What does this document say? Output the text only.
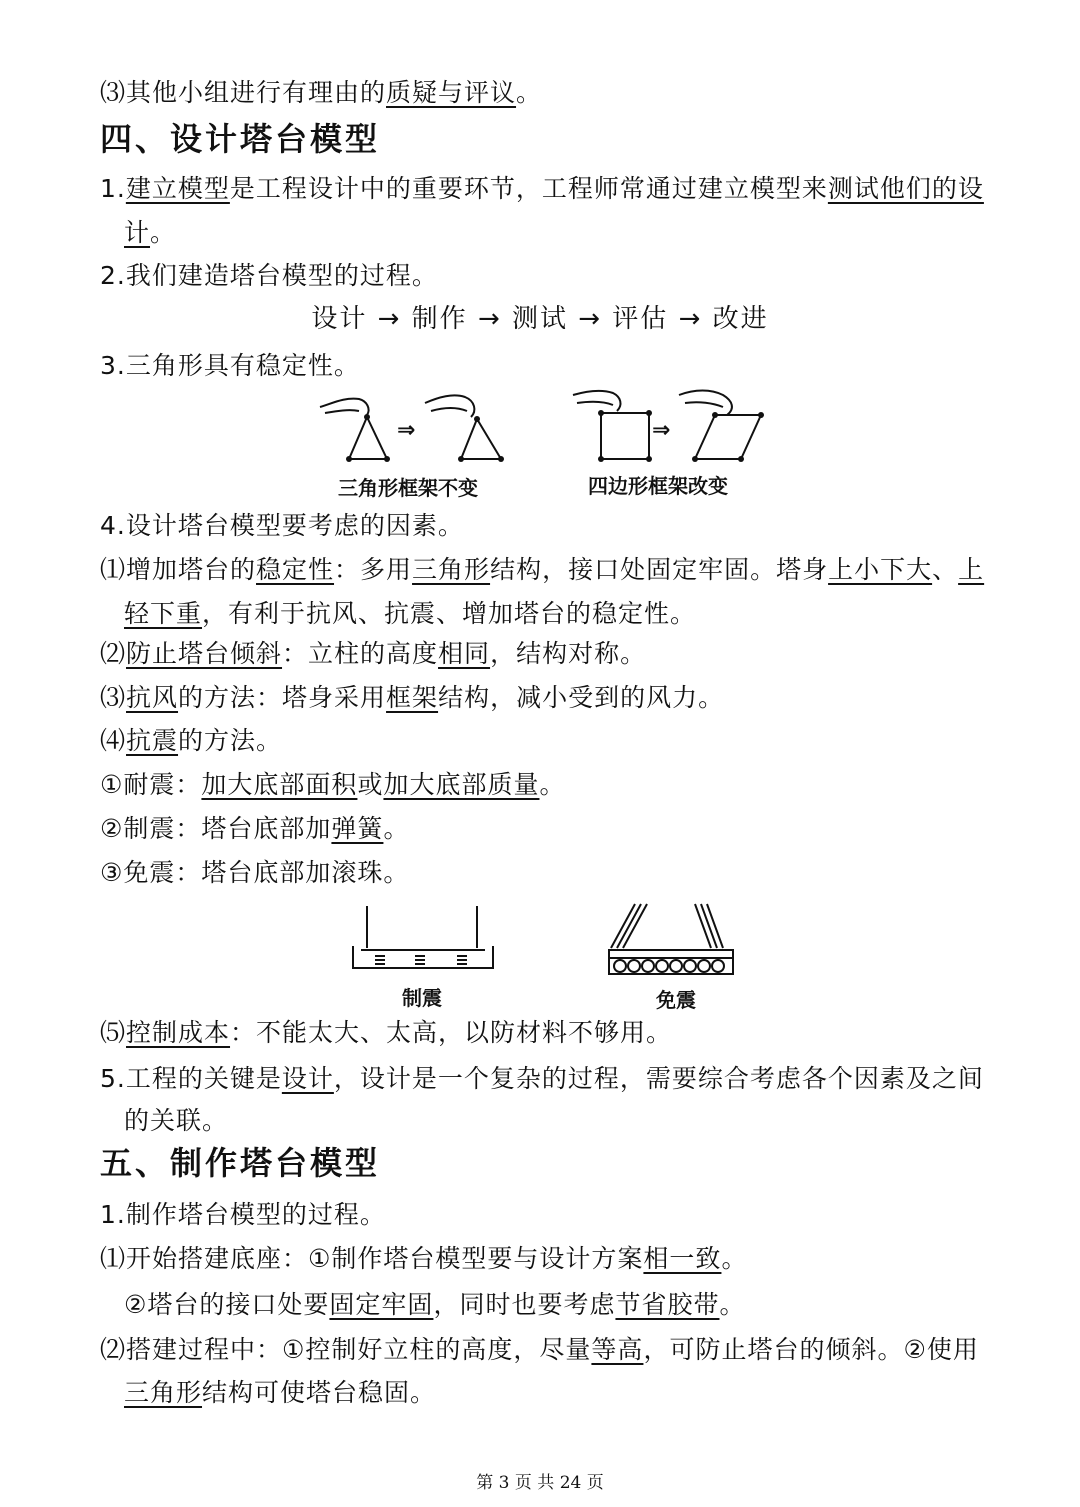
⑶其他小组进行有理由的质疑与评议。
四、设计塔台模型
1.建立模型是工程设计中的重要环节，工程师常通过建立模型来测试他们的设
计。
2.我们建造塔台模型的过程。
设计 → 制作 → 测试 → 评估 → 改进
3.三角形具有稳定性。
⇒	⇒
三角形框架不变	四边形框架改变
4.设计塔台模型要考虑的因素。
⑴增加塔台的稳定性：多用三角形结构，接口处固定牢固。塔身上小下大、上
轻下重，有利于抗风、抗震、增加塔台的稳定性。
⑵防止塔台倾斜：立柱的高度相同，结构对称。
⑶抗风的方法：塔身采用框架结构，减小受到的风力。
⑷抗震的方法。
①耐震：加大底部面积或加大底部质量。
②制震：塔台底部加弹簧。
③免震：塔台底部加滚珠。
制震	免震
⑸控制成本：不能太大、太高，以防材料不够用。
5.工程的关键是设计，设计是一个复杂的过程，需要综合考虑各个因素及之间
的关联。
五、制作塔台模型
1.制作塔台模型的过程。
⑴开始搭建底座：①制作塔台模型要与设计方案相一致。
②塔台的接口处要固定牢固，同时也要考虑节省胶带。
⑵搭建过程中：①控制好立柱的高度，尽量等高，可防止塔台的倾斜。②使用
三角形结构可使塔台稳固。
第 3 页 共 24 页
